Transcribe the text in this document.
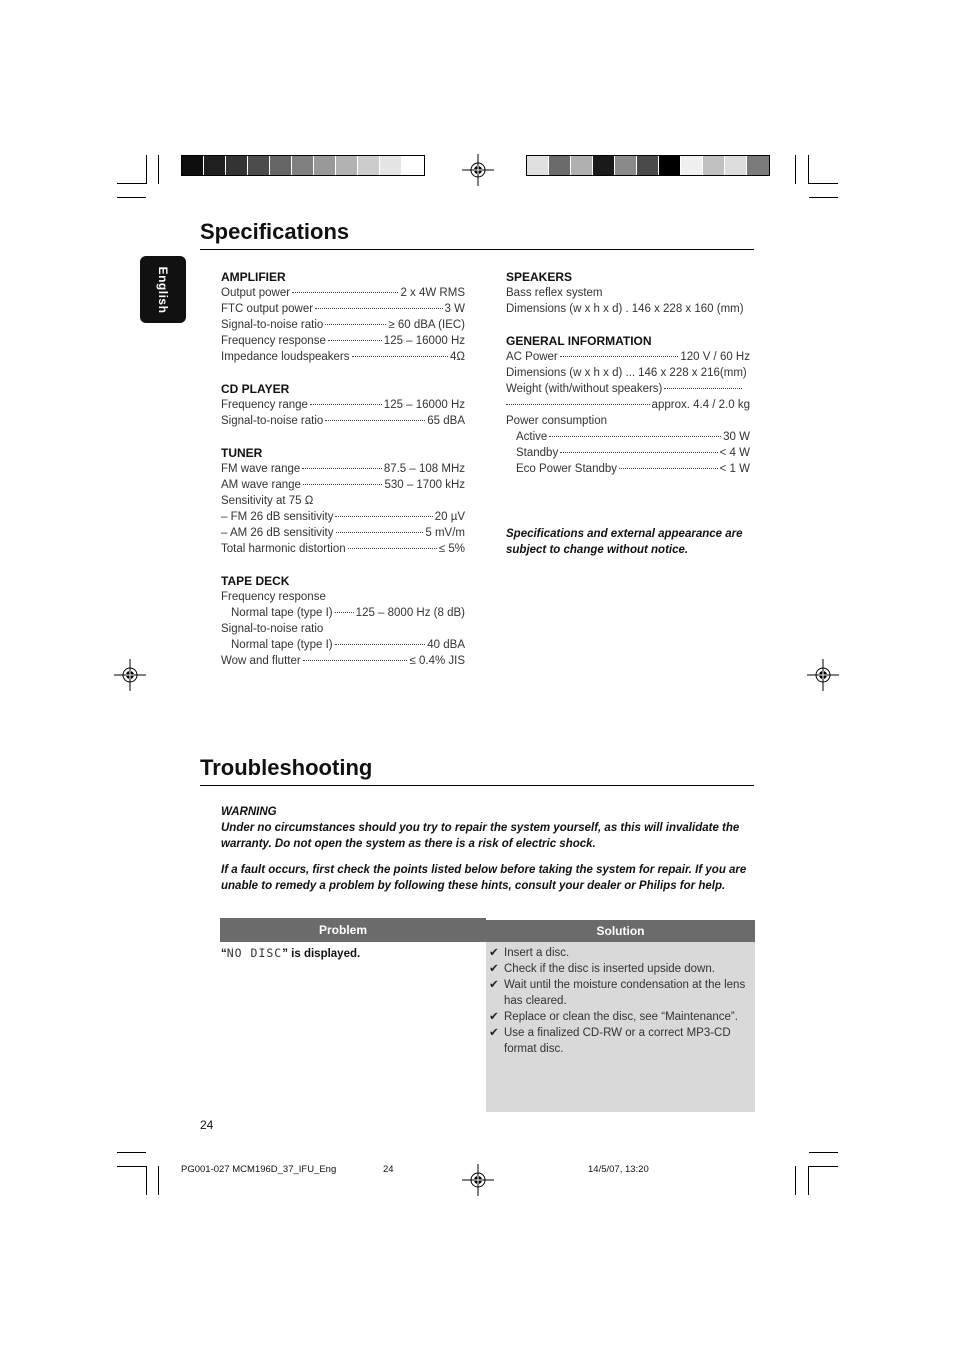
English
Specifications
AMPLIFIER
Output power	2 x 4W RMS
FTC output power	3 W
Signal-to-noise ratio	≥ 60 dBA (IEC)
Frequency response	125 – 16000 Hz
Impedance loudspeakers	4Ω
CD PLAYER
Frequency range	125 – 16000 Hz
Signal-to-noise ratio	65 dBA
TUNER
FM wave range	87.5 – 108 MHz
AM wave range	530 – 1700 kHz
Sensitivity at 75 Ω
– FM 26 dB sensitivity	20 µV
– AM 26 dB sensitivity	5 mV/m
Total harmonic distortion	≤ 5%
TAPE DECK
Frequency response
Normal tape (type I) 125 – 8000 Hz (8 dB)
Signal-to-noise ratio
Normal tape (type I)	40 dBA
Wow and flutter	≤ 0.4% JIS
SPEAKERS
Bass reflex system
Dimensions (w x h x d) . 146 x 228 x 160 (mm)
GENERAL INFORMATION
AC Power	120 V / 60 Hz
Dimensions (w x h x d) ... 146 x 228 x 216(mm)
Weight (with/without speakers)
approx. 4.4 / 2.0 kg
Power consumption
Active	30 W
Standby	< 4 W
Eco Power Standby	< 1 W
Specifications and external appearance are subject to change without notice.
Troubleshooting
WARNING
Under no circumstances should you try to repair the system yourself, as this will invalidate the warranty. Do not open the system as there is a risk of electric shock.
If a fault occurs, first check the points listed below before taking the system for repair. If you are unable to remedy a problem by following these hints, consult your dealer or Philips for help.
Problem	Solution
“NO DISC” is displayed.	✔ Insert a disc.
✔ Check if the disc is inserted upside down.
✔ Wait until the moisture condensation at the lens has cleared.
✔ Replace or clean the disc, see “Maintenance”.
✔ Use a finalized CD-RW or a correct MP3-CD format disc.
24
PG001-027 MCM196D_37_IFU_Eng	24	14/5/07, 13:20
